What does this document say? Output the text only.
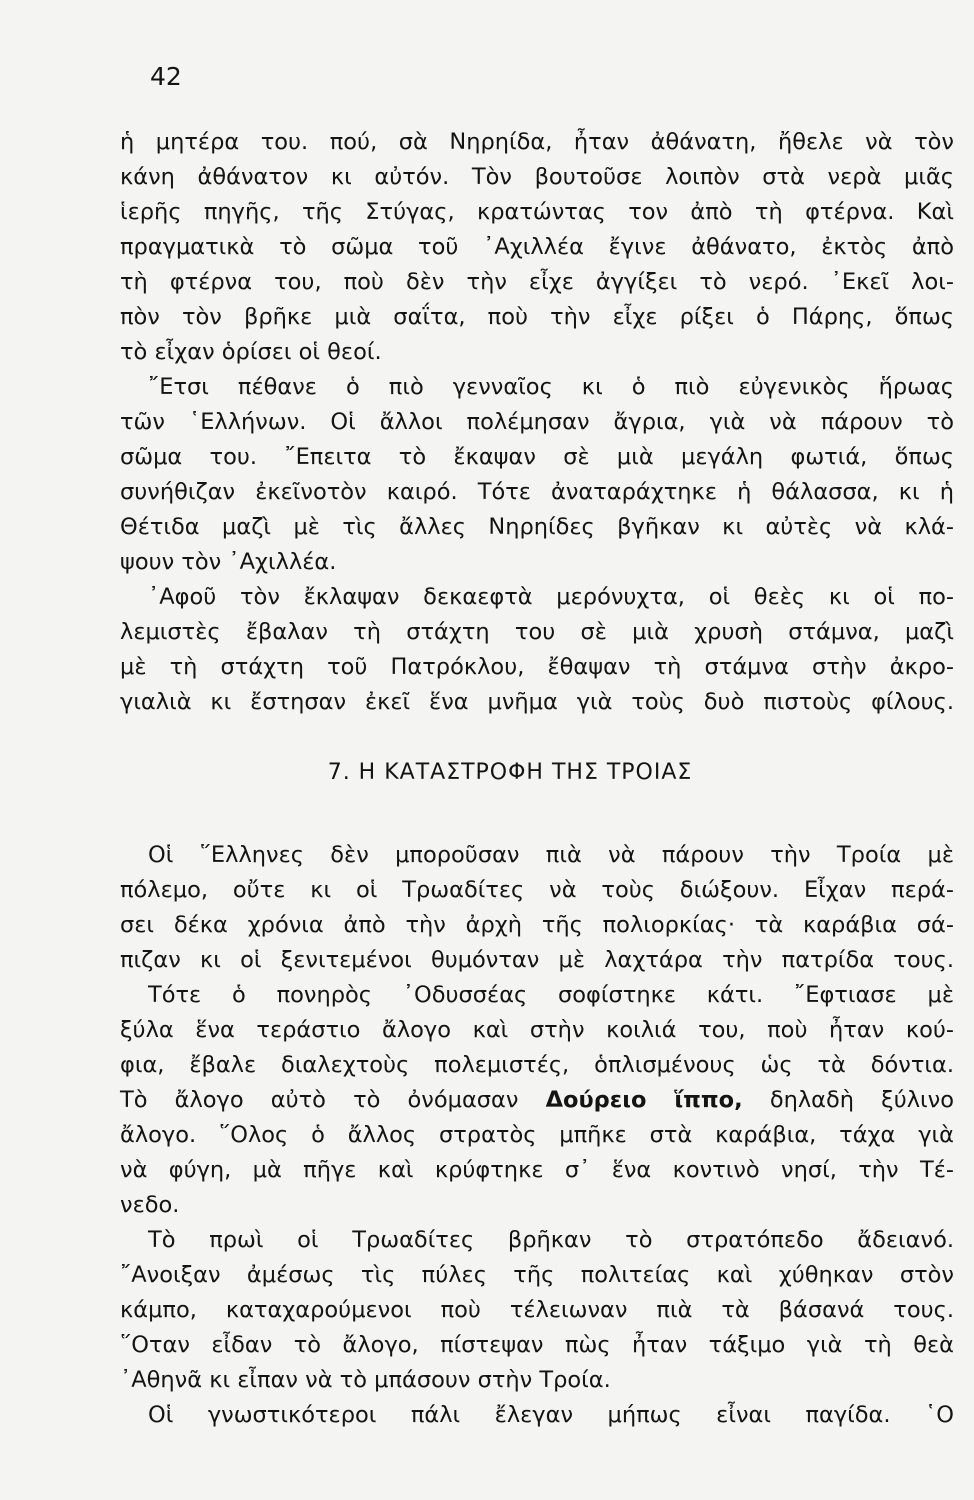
42
ἡ μητέρα του. πού, σὰ Νηρηίδα, ἦταν ἀθάνατη, ἤθελε νὰ τὸν
κάνη ἀθάνατον κι αὐτόν. Τὸν βουτοῦσε λοιπὸν στὰ νερὰ μιᾶς
ἱερῆς πηγῆς, τῆς Στύγας, κρατώντας τον ἀπὸ τὴ φτέρνα. Καὶ
πραγματικὰ τὸ σῶμα τοῦ ᾿Αχιλλέα ἔγινε ἀθάνατο, ἐκτὸς ἀπὸ
τὴ φτέρνα του, ποὺ δὲν τὴν εἶχε ἀγγίξει τὸ νερό. ᾿Εκεῖ λοι-
πὸν τὸν βρῆκε μιὰ σαΐτα, ποὺ τὴν εἶχε ρίξει ὁ Πάρης, ὅπως
τὸ εἶχαν ὁρίσει οἱ θεοί.
῎Ετσι πέθανε ὁ πιὸ γενναῖος κι ὁ πιὸ εὐγενικὸς ἥρωας
τῶν ῾Ελλήνων. Οἱ ἄλλοι πολέμησαν ἄγρια, γιὰ νὰ πάρουν τὸ
σῶμα του. ῎Επειτα τὸ ἔκαψαν σὲ μιὰ μεγάλη φωτιά, ὅπως
συνήθιζαν ἐκεῖνοτὸν καιρό. Τότε ἀναταράχτηκε ἡ θάλασσα, κι ἡ
Θέτιδα μαζὶ μὲ τὶς ἄλλες Νηρηίδες βγῆκαν κι αὐτὲς νὰ κλά-
ψουν τὸν ᾿Αχιλλέα.
᾿Αφοῦ τὸν ἔκλαψαν δεκαεφτὰ μερόνυχτα, οἱ θεὲς κι οἱ πο-
λεμιστὲς ἔβαλαν τὴ στάχτη του σὲ μιὰ χρυσὴ στάμνα, μαζὶ
μὲ τὴ στάχτη τοῦ Πατρόκλου, ἔθαψαν τὴ στάμνα στὴν ἀκρο-
γιαλιὰ κι ἔστησαν ἐκεῖ ἕνα μνῆμα γιὰ τοὺς δυὸ πιστοὺς φίλους.
7. Η ΚΑΤΑΣΤΡΟΦΗ ΤΗΣ ΤΡΟΙΑΣ
Οἱ ῞Ελληνες δὲν μποροῦσαν πιὰ νὰ πάρουν τὴν Τροία μὲ
πόλεμο, οὔτε κι οἱ Τρωαδίτες νὰ τοὺς διώξουν. Εἶχαν περά-
σει δέκα χρόνια ἀπὸ τὴν ἀρχὴ τῆς πολιορκίας· τὰ καράβια σά-
πιζαν κι οἱ ξενιτεμένοι θυμόνταν μὲ λαχτάρα τὴν πατρίδα τους.
Τότε ὁ πονηρὸς ᾿Οδυσσέας σοφίστηκε κάτι. ῎Εφτιασε μὲ
ξύλα ἕνα τεράστιο ἄλογο καὶ στὴν κοιλιά του, ποὺ ἦταν κού-
φια, ἔβαλε διαλεχτοὺς πολεμιστές, ὁπλισμένους ὡς τὰ δόντια.
Τὸ ἄλογο αὐτὸ τὸ ὀνόμασαν Δούρειο ἵππο, δηλαδὴ ξύλινο
ἄλογο. ῞Ολος ὁ ἄλλος στρατὸς μπῆκε στὰ καράβια, τάχα γιὰ
νὰ φύγη, μὰ πῆγε καὶ κρύφτηκε σ᾿ ἕνα κοντινὸ νησί, τὴν Τέ-
νεδο.
Τὸ πρωὶ οἱ Τρωαδίτες βρῆκαν τὸ στρατόπεδο ἄδειανό.
῎Ανοιξαν ἀμέσως τὶς πύλες τῆς πολιτείας καὶ χύθηκαν στὸν
κάμπο, καταχαρούμενοι ποὺ τέλειωναν πιὰ τὰ βάσανά τους.
῞Οταν εἶδαν τὸ ἄλογο, πίστεψαν πὼς ἦταν τάξιμο γιὰ τὴ θεὰ
᾿Αθηνᾶ κι εἶπαν νὰ τὸ μπάσουν στὴν Τροία.
Οἱ γνωστικότεροι πάλι ἔλεγαν μήπως εἶναι παγίδα. ῾Ο
